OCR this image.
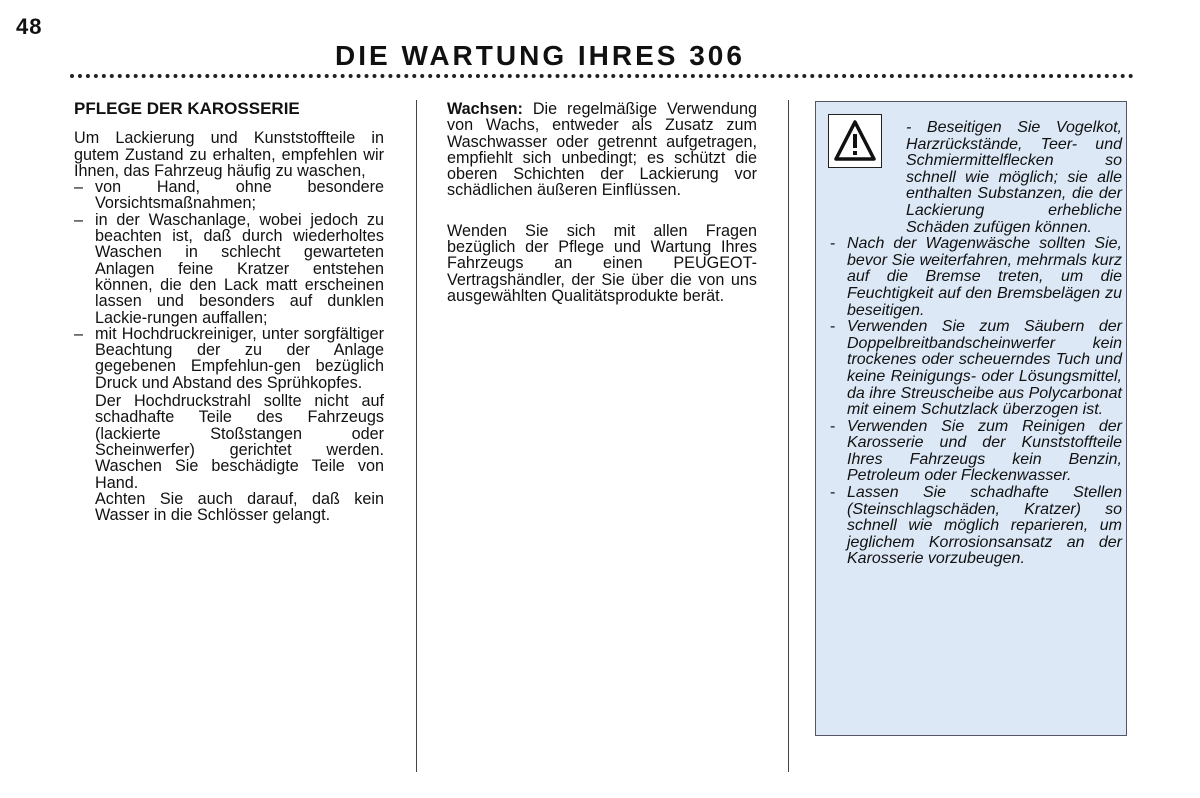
48
DIE WARTUNG IHRES 306

PFLEGE DER KAROSSERIE

Um Lackierung und Kunststoffteile in gutem Zustand zu erhalten, empfehlen wir Ihnen, das Fahrzeug häufig zu waschen,

– von Hand, ohne besondere Vorsichtsmaßnahmen;
– in der Waschanlage, wobei jedoch zu beachten ist, daß durch wiederholtes Waschen in schlecht gewarteten Anlagen feine Kratzer entstehen können, die den Lack matt erscheinen lassen und besonders auf dunklen Lackie-rungen auffallen;
– mit Hochdruckreiniger, unter sorgfältiger Beachtung der zu der Anlage gegebenen Empfehlun-gen bezüglich Druck und Abstand des Sprühkopfes.

Der Hochdruckstrahl sollte nicht auf schadhafte Teile des Fahrzeugs (lackierte Stoßstangen oder Scheinwerfer) gerichtet werden. Waschen Sie beschädigte Teile von Hand.

Achten Sie auch darauf, daß kein Wasser in die Schlösser gelangt.

Wachsen: Die regelmäßige Verwendung von Wachs, entweder als Zusatz zum Waschwasser oder getrennt aufgetragen, empfiehlt sich unbedingt; es schützt die oberen Schichten der Lackierung vor schädlichen äußeren Einflüssen.

Wenden Sie sich mit allen Fragen bezüglich der Pflege und Wartung Ihres Fahrzeugs an einen PEUGEOT-Vertragshändler, der Sie über die von uns ausgewählten Qualitätsprodukte berät.

- Beseitigen Sie Vogelkot, Harzrückstände, Teer- und Schmiermittelflecken so schnell wie möglich; sie alle enthalten Substanzen, die der Lackierung erhebliche Schäden zufügen können.
- Nach der Wagenwäsche sollten Sie, bevor Sie weiterfahren, mehrmals kurz auf die Bremse treten, um die Feuchtigkeit auf den Bremsbelägen zu beseitigen.
- Verwenden Sie zum Säubern der Doppelbreitbandscheinwerfer kein trockenes oder scheuerndes Tuch und keine Reinigungs- oder Lösungsmittel, da ihre Streuscheibe aus Polycarbonat mit einem Schutzlack überzogen ist.
- Verwenden Sie zum Reinigen der Karosserie und der Kunststoffteile Ihres Fahrzeugs kein Benzin, Petroleum oder Fleckenwasser.
- Lassen Sie schadhafte Stellen (Steinschlagschäden, Kratzer) so schnell wie möglich reparieren, um jeglichem Korrosionsansatz an der Karosserie vorzubeugen.
